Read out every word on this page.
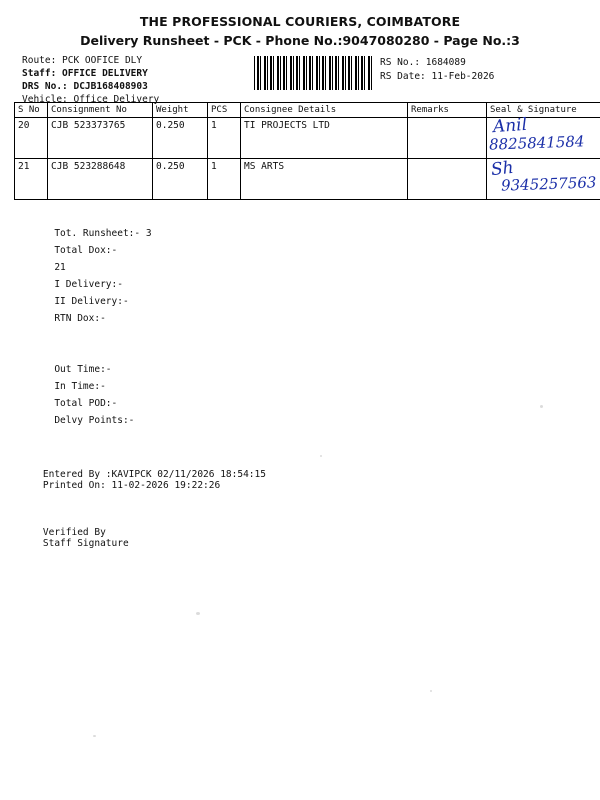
THE PROFESSIONAL COURIERS, COIMBATORE
Delivery Runsheet - PCK - Phone No.:9047080280 - Page No.:3
Route: PCK OOFICE DLY
Staff: OFFICE DELIVERY
DRS No.: DCJB168408903
Vehicle: Office Delivery
RS No.: 1684089
RS Date: 11-Feb-2026
S No	Consignment No	Weight	PCS	Consignee Details	Remarks	Seal & Signature
20	CJB 523373765	0.250	1	TI PROJECTS LTD		Anil
8825841584

21	CJB 523288648	0.250	1	MS ARTS		Sh
9345257563

Tot. Runsheet:- 3
Total Dox:-
21
I Delivery:-
II Delivery:-
RTN Dox:-

Out Time:-
In Time:-
Total POD:-
Delvy Points:-

Entered By :KAVIPCK 02/11/2026 18:54:15
Printed On: 11-02-2026 19:22:26

Verified By
Staff Signature
